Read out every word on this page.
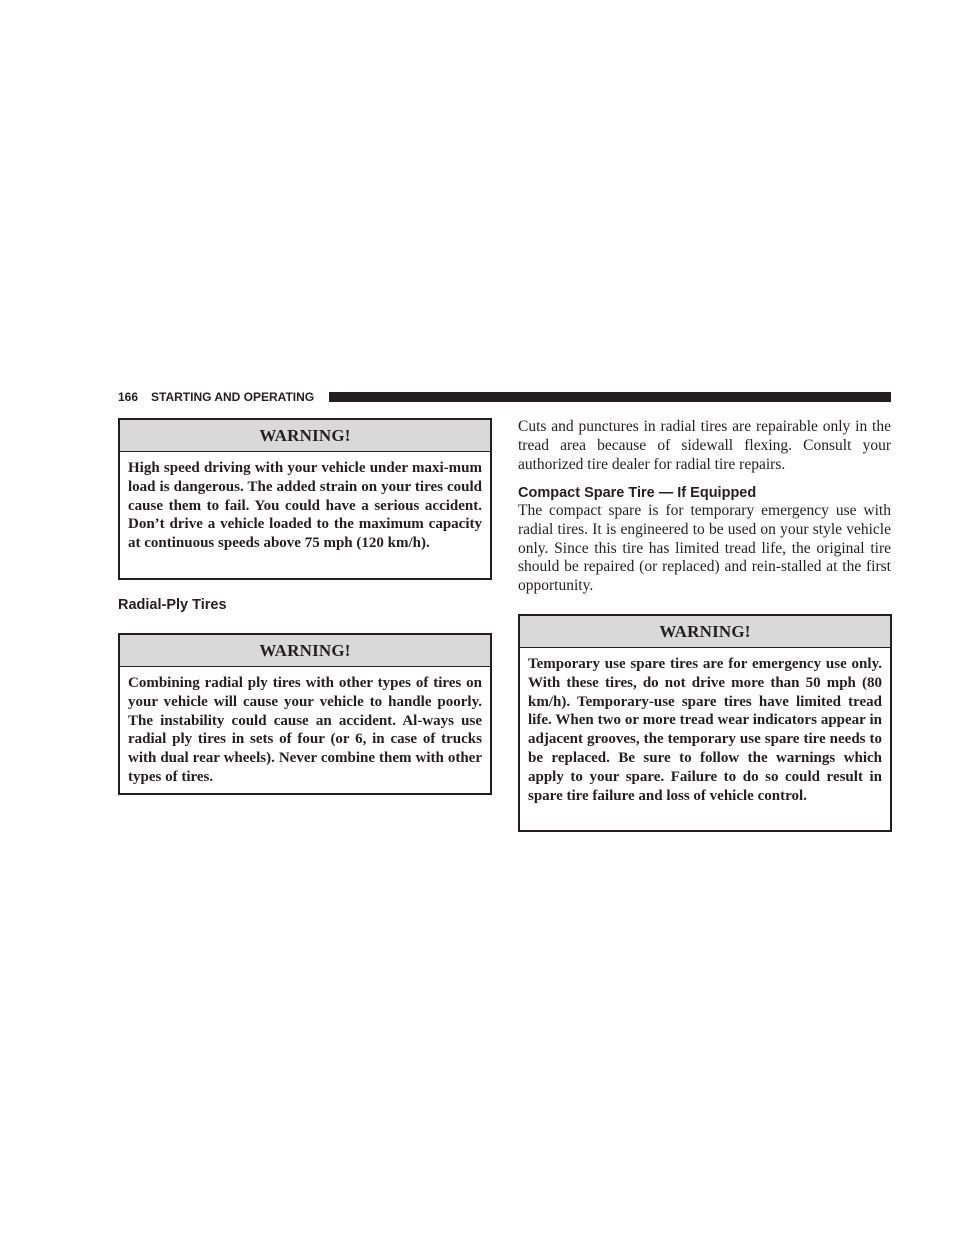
166 STARTING AND OPERATING
WARNING!
High speed driving with your vehicle under maxi-mum load is dangerous. The added strain on your tires could cause them to fail. You could have a serious accident. Don’t drive a vehicle loaded to the maximum capacity at continuous speeds above 75 mph (120 km/h).
Radial-Ply Tires
WARNING!
Combining radial ply tires with other types of tires on your vehicle will cause your vehicle to handle poorly. The instability could cause an accident. Al-ways use radial ply tires in sets of four (or 6, in case of trucks with dual rear wheels). Never combine them with other types of tires.
Cuts and punctures in radial tires are repairable only in the tread area because of sidewall flexing. Consult your authorized tire dealer for radial tire repairs.
Compact Spare Tire — If Equipped
The compact spare is for temporary emergency use with radial tires. It is engineered to be used on your style vehicle only. Since this tire has limited tread life, the original tire should be repaired (or replaced) and rein-stalled at the first opportunity.
WARNING!
Temporary use spare tires are for emergency use only. With these tires, do not drive more than 50 mph (80 km/h). Temporary-use spare tires have limited tread life. When two or more tread wear indicators appear in adjacent grooves, the temporary use spare tire needs to be replaced. Be sure to follow the warnings which apply to your spare. Failure to do so could result in spare tire failure and loss of vehicle control.
